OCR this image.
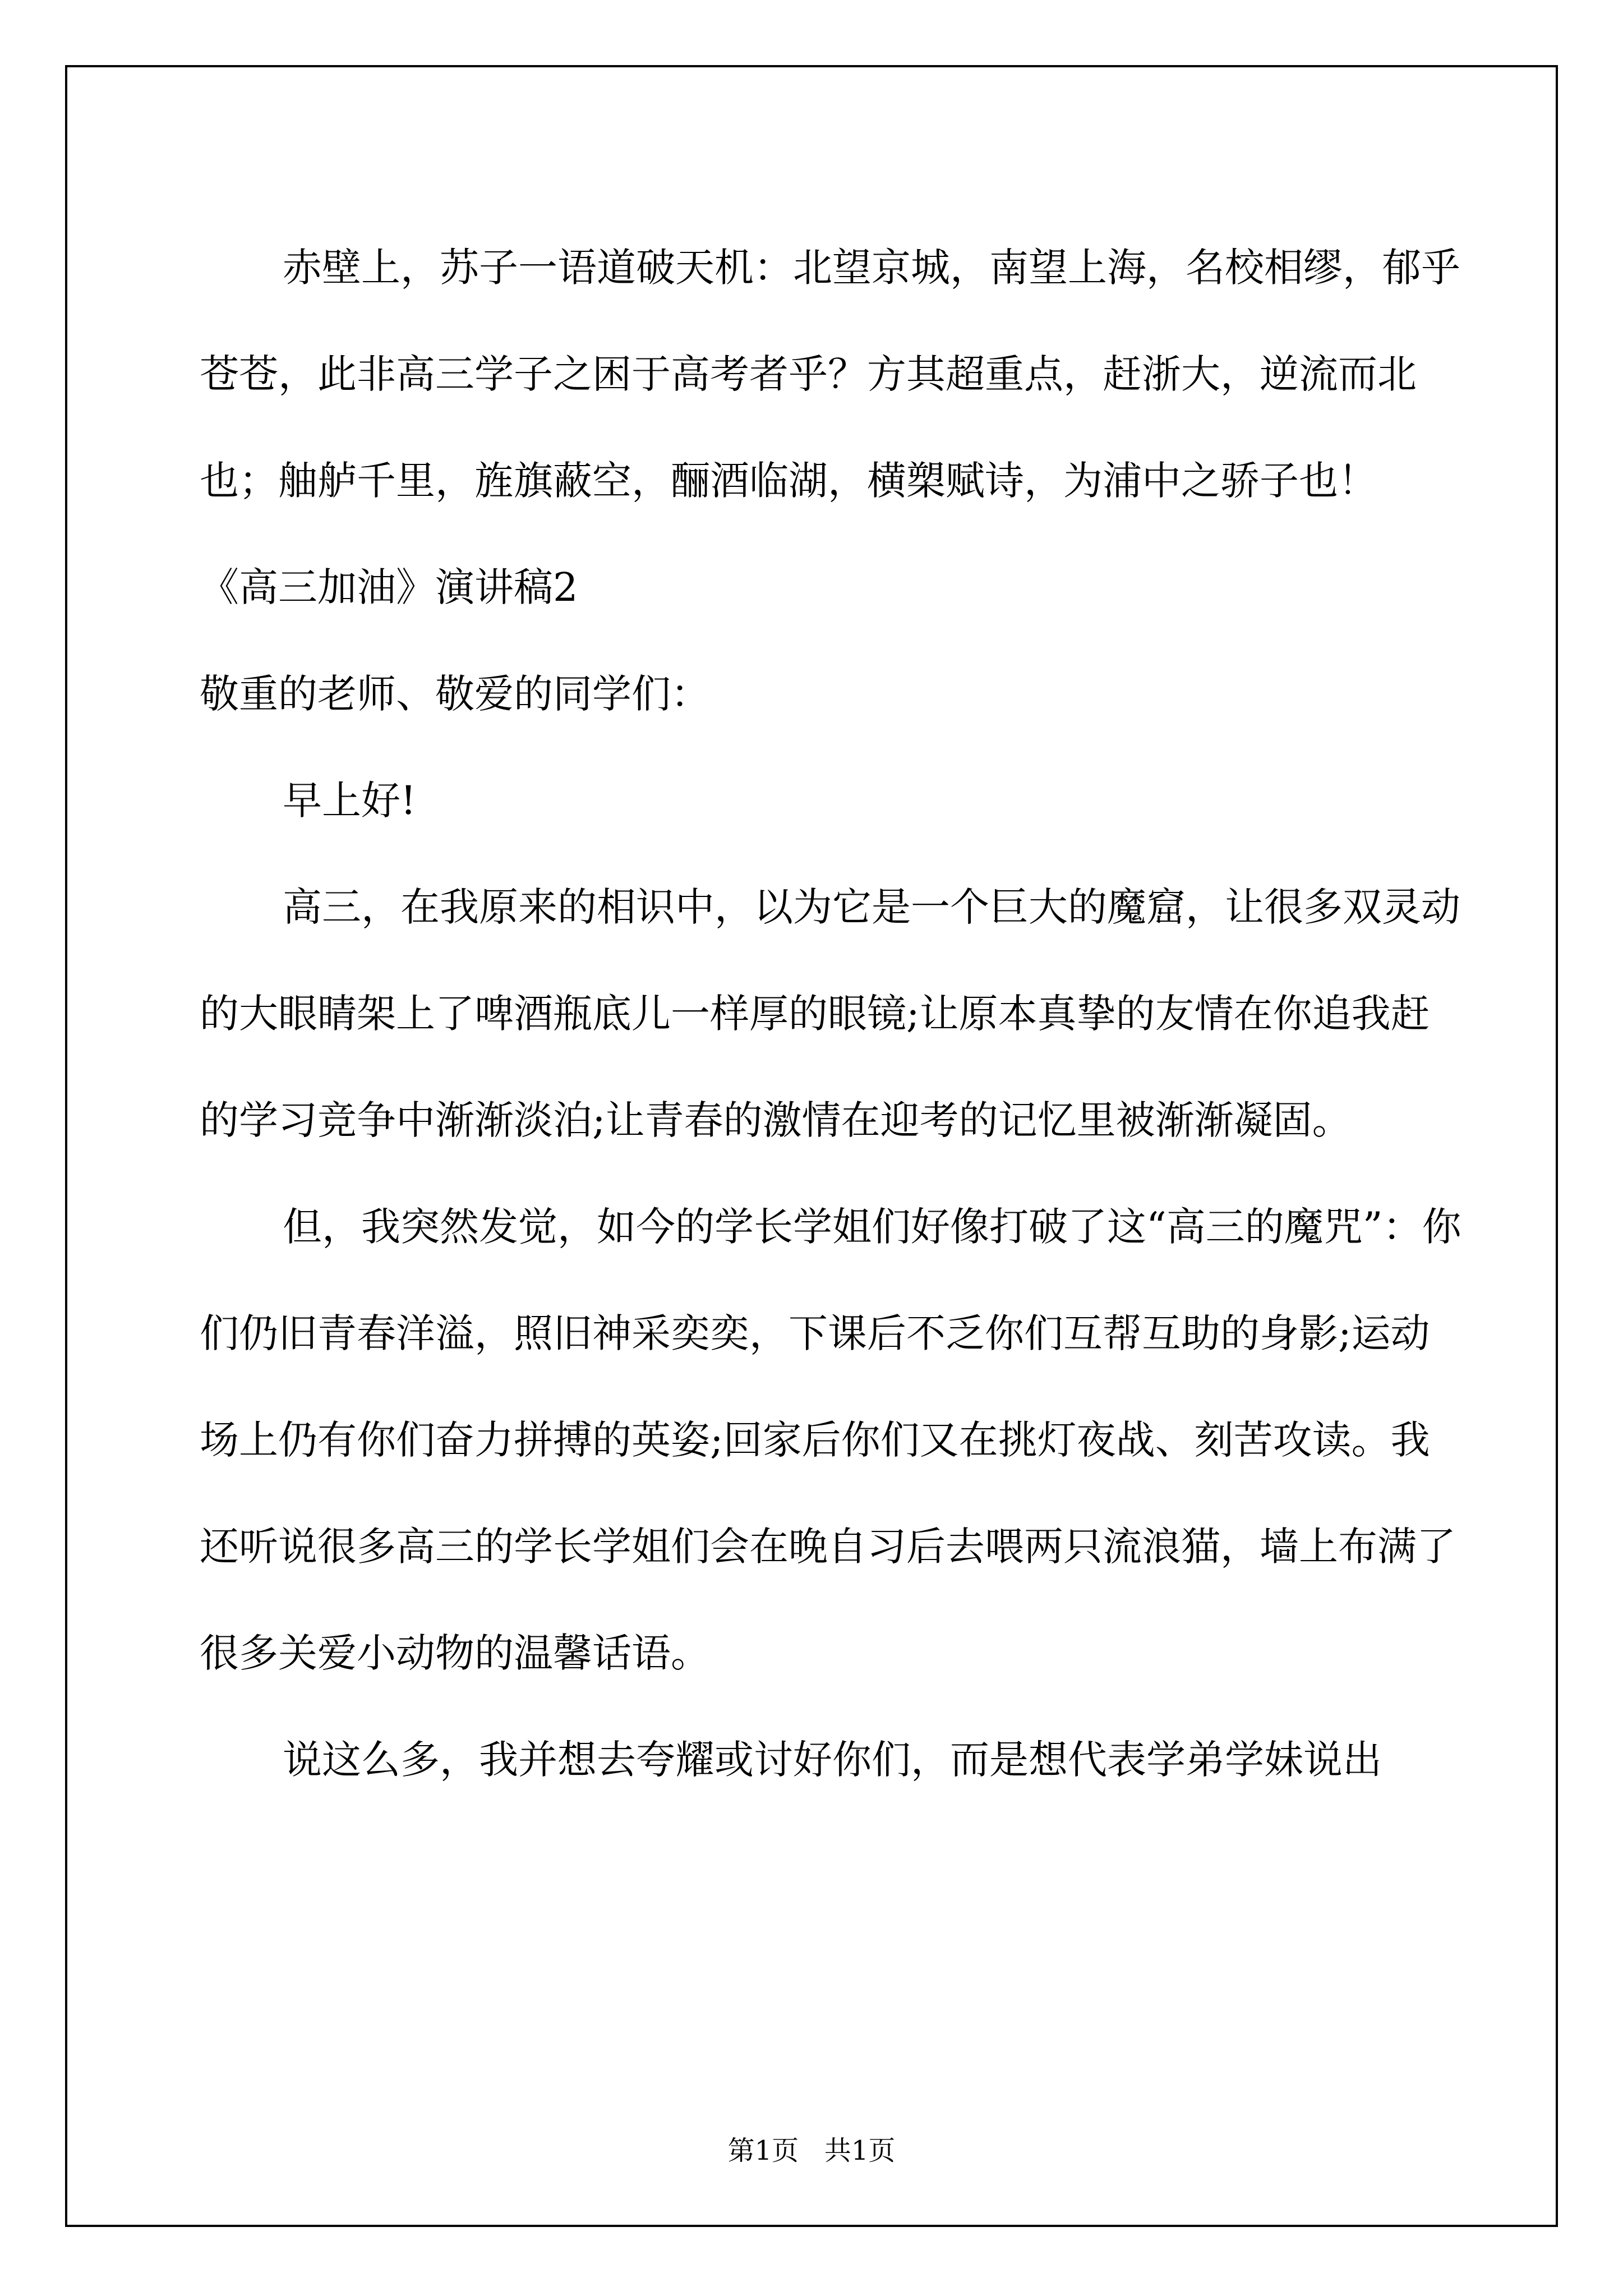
赤壁上，苏子一语道破天机：北望京城，南望上海，名校相缪，郁乎苍苍，此非高三学子之困于高考者乎？方其超重点，赶浙大，逆流而北也；舳舻千里，旌旗蔽空，酾酒临湖，横槊赋诗，为浦中之骄子也！

《高三加油》演讲稿2

敬重的老师、敬爱的同学们：

早上好!

高三，在我原来的相识中，以为它是一个巨大的魔窟，让很多双灵动的大眼睛架上了啤酒瓶底儿一样厚的眼镜;让原本真挚的友情在你追我赶的学习竞争中渐渐淡泊;让青春的激情在迎考的记忆里被渐渐凝固。

但，我突然发觉，如今的学长学姐们好像打破了这“高三的魔咒”：你们仍旧青春洋溢，照旧神采奕奕，下课后不乏你们互帮互助的身影;运动场上仍有你们奋力拼搏的英姿;回家后你们又在挑灯夜战、刻苦攻读。我还听说很多高三的学长学姐们会在晚自习后去喂两只流浪猫，墙上布满了很多关爱小动物的温馨话语。

说这么多，我并想去夸耀或讨好你们，而是想代表学弟学妹说出

第1页   共1页
